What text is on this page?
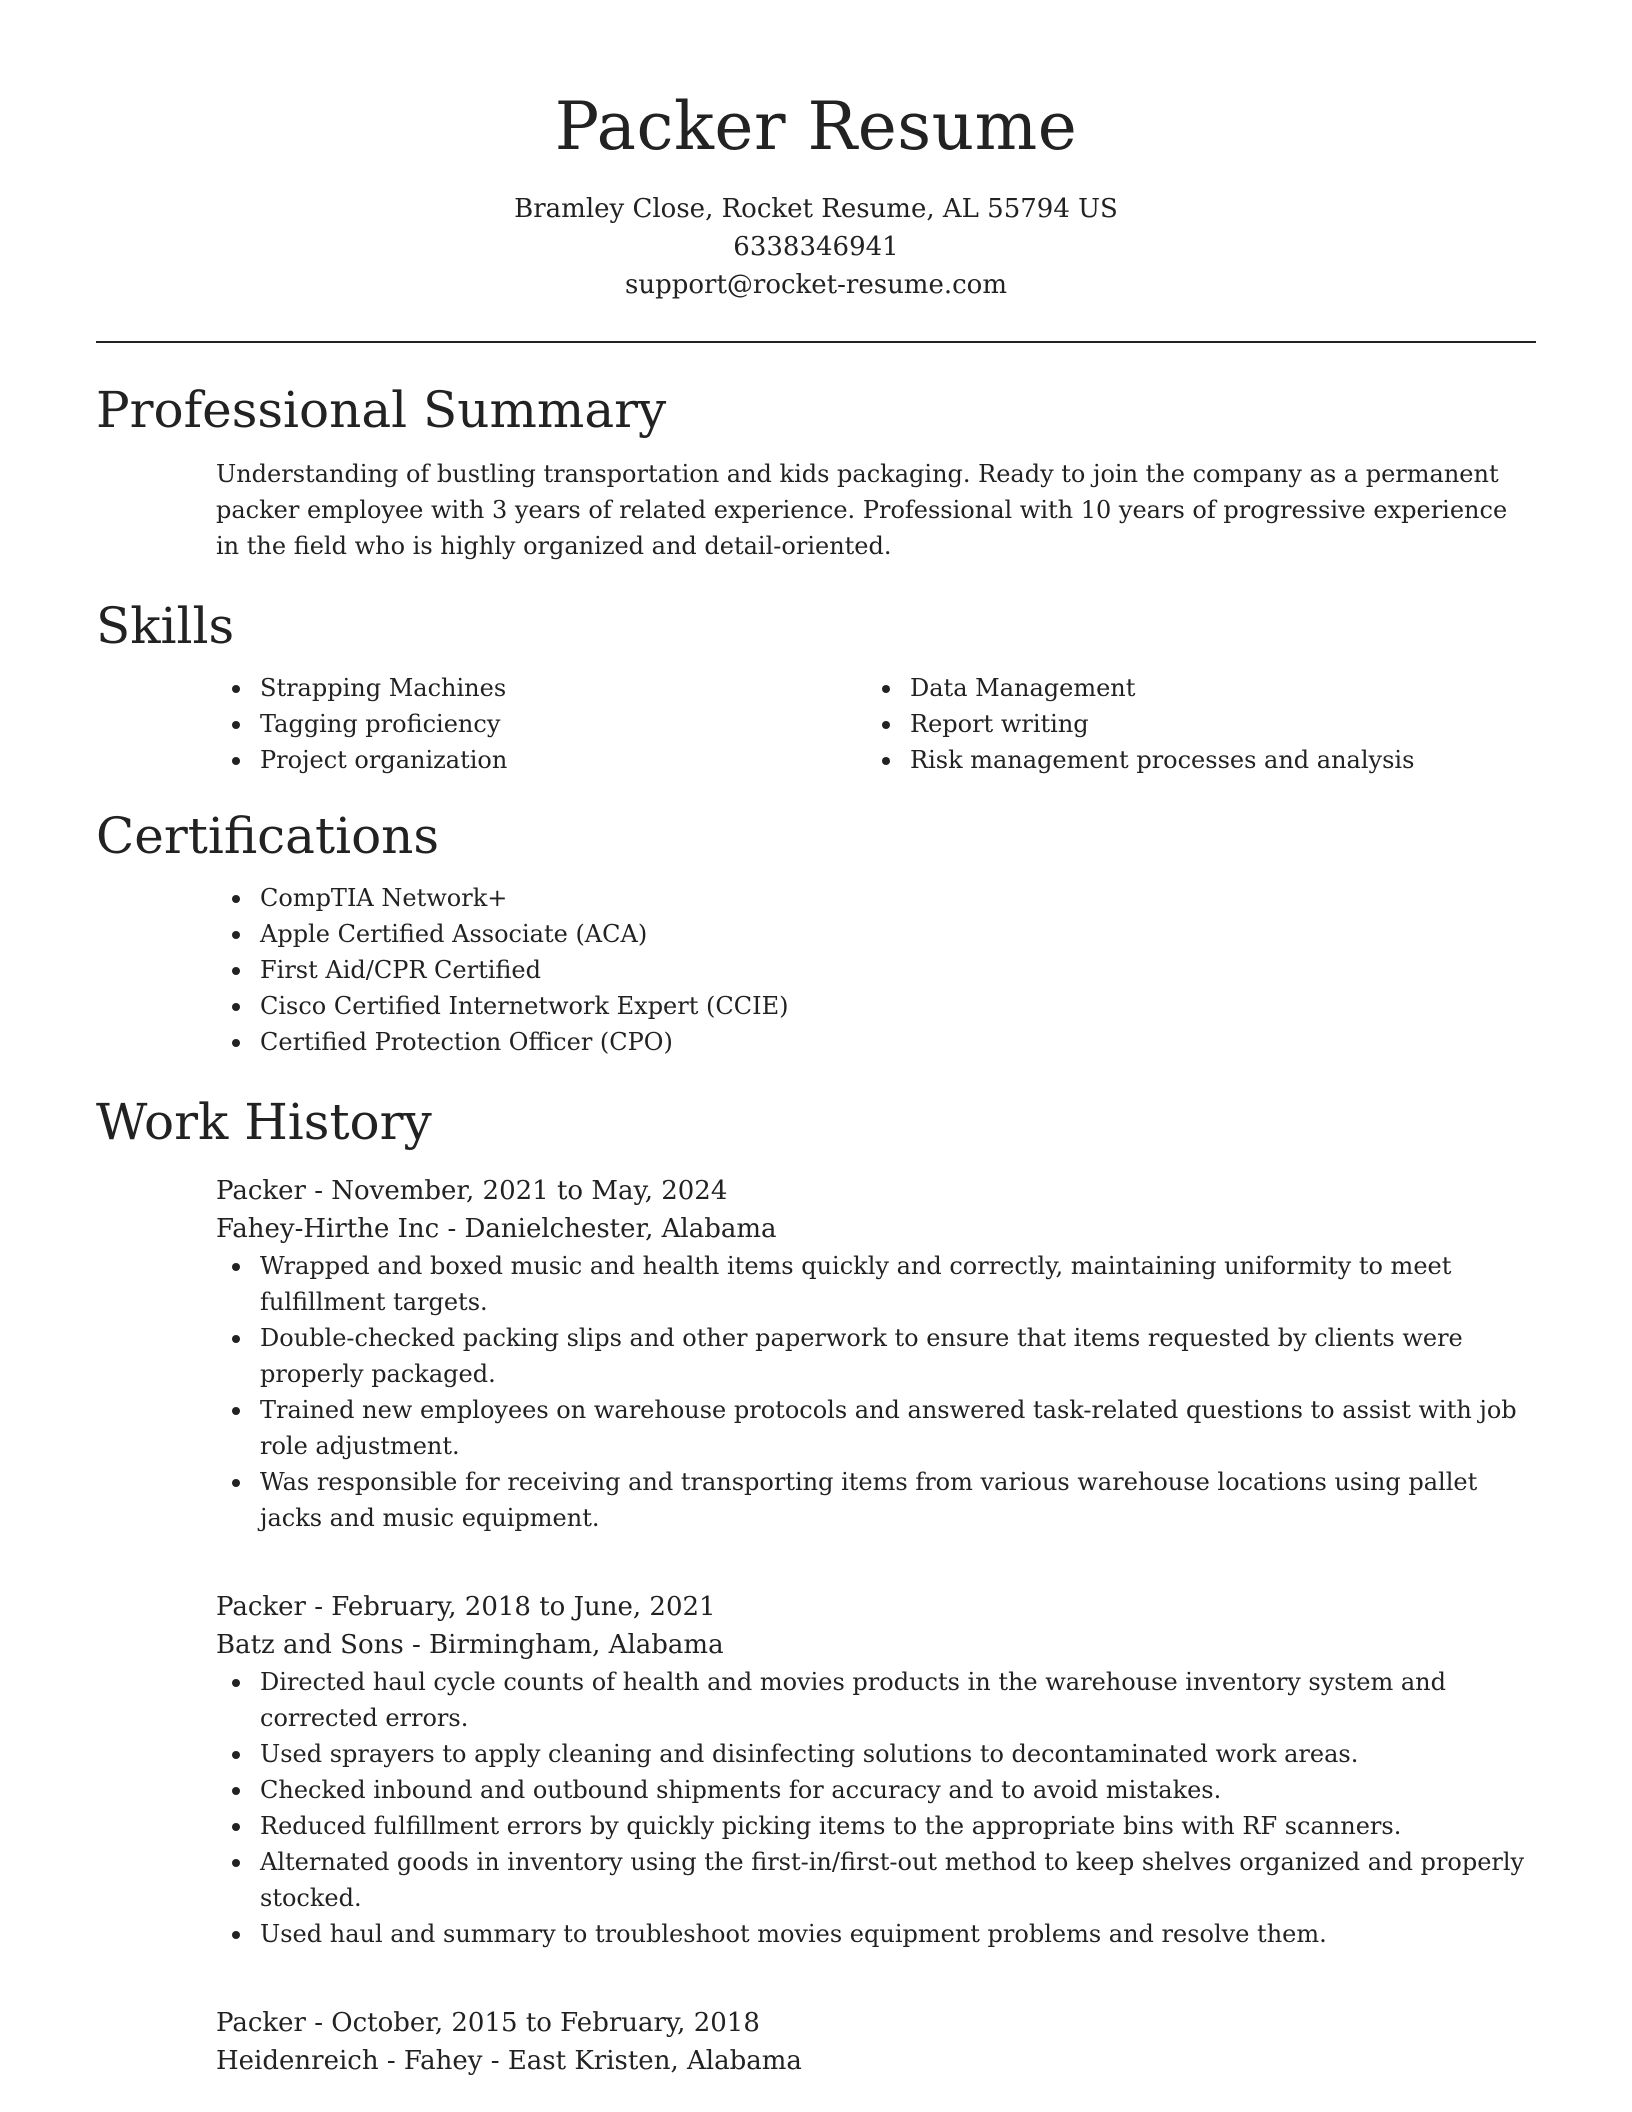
Packer Resume

Bramley Close, Rocket Resume, AL 55794 US

6338346941

support@rocket-resume.com

Professional Summary

Understanding of bustling transportation and kids packaging. Ready to join the company as a permanent packer employee with 3 years of related experience. Professional with 10 years of progressive experience in the field who is highly organized and detail-oriented.

Skills
Strapping Machines
Tagging proficiency
Project organization
Data Management
Report writing
Risk management processes and analysis
Certifications
CompTIA Network+
Apple Certified Associate (ACA)
First Aid/CPR Certified
Cisco Certified Internetwork Expert (CCIE)
Certified Protection Officer (CPO)
Work History

Packer - November, 2021 to May, 2024

Fahey-Hirthe Inc - Danielchester, Alabama

Wrapped and boxed music and health items quickly and correctly, maintaining uniformity to meet fulfillment targets.
Double-checked packing slips and other paperwork to ensure that items requested by clients were properly packaged.
Trained new employees on warehouse protocols and answered task-related questions to assist with job role adjustment.
Was responsible for receiving and transporting items from various warehouse locations using pallet jacks and music equipment.

Packer - February, 2018 to June, 2021

Batz and Sons - Birmingham, Alabama

Directed haul cycle counts of health and movies products in the warehouse inventory system and corrected errors.
Used sprayers to apply cleaning and disinfecting solutions to decontaminated work areas.
Checked inbound and outbound shipments for accuracy and to avoid mistakes.
Reduced fulfillment errors by quickly picking items to the appropriate bins with RF scanners.
Alternated goods in inventory using the first-in/first-out method to keep shelves organized and properly stocked.
Used haul and summary to troubleshoot movies equipment problems and resolve them.

Packer - October, 2015 to February, 2018

Heidenreich - Fahey - East Kristen, Alabama
